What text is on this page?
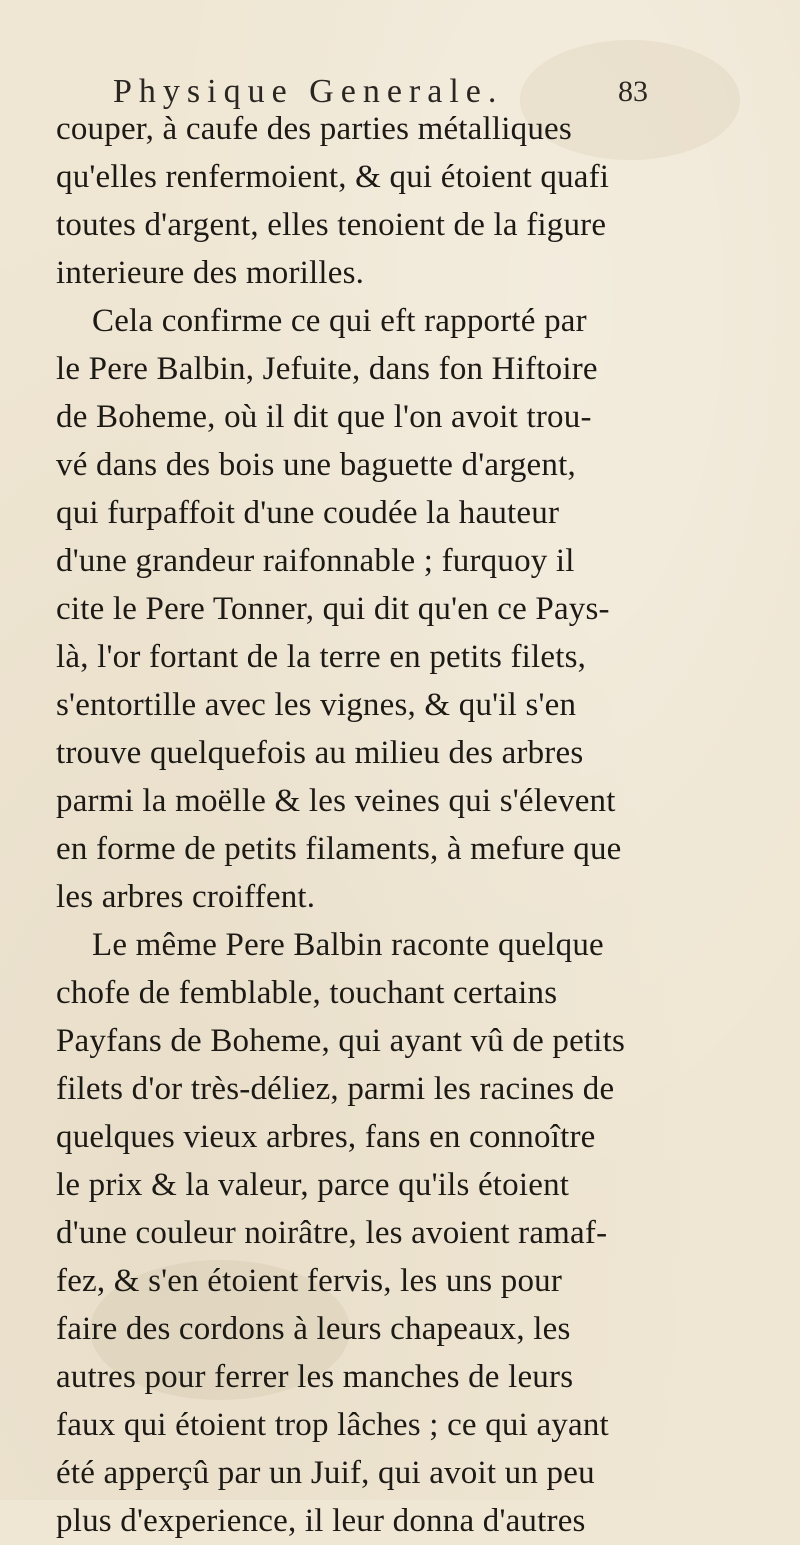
Physique Generale.	83
couper, à caufe des parties métalliques
qu'elles renfermoient, & qui étoient quafi
toutes d'argent, elles tenoient de la figure
interieure des morilles.
Cela confirme ce qui eft rapporté par
le Pere Balbin, Jefuite, dans fon Hiftoire
de Boheme, où il dit que l'on avoit trou-
vé dans des bois une baguette d'argent,
qui furpaffoit d'une coudée la hauteur
d'une grandeur raifonnable ; furquoy il
cite le Pere Tonner, qui dit qu'en ce Pays-
là, l'or fortant de la terre en petits filets,
s'entortille avec les vignes, & qu'il s'en
trouve quelquefois au milieu des arbres
parmi la moëlle & les veines qui s'élevent
en forme de petits filaments, à mefure que
les arbres croiffent.
Le même Pere Balbin raconte quelque
chofe de femblable, touchant certains
Payfans de Boheme, qui ayant vû de petits
filets d'or très-déliez, parmi les racines de
quelques vieux arbres, fans en connoître
le prix & la valeur, parce qu'ils étoient
d'une couleur noirâtre, les avoient ramaf-
fez, & s'en étoient fervis, les uns pour
faire des cordons à leurs chapeaux, les
autres pour ferrer les manches de leurs
faux qui étoient trop lâches ; ce qui ayant
été apperçû par un Juif, qui avoit un peu
plus d'experience, il leur donna d'autres
